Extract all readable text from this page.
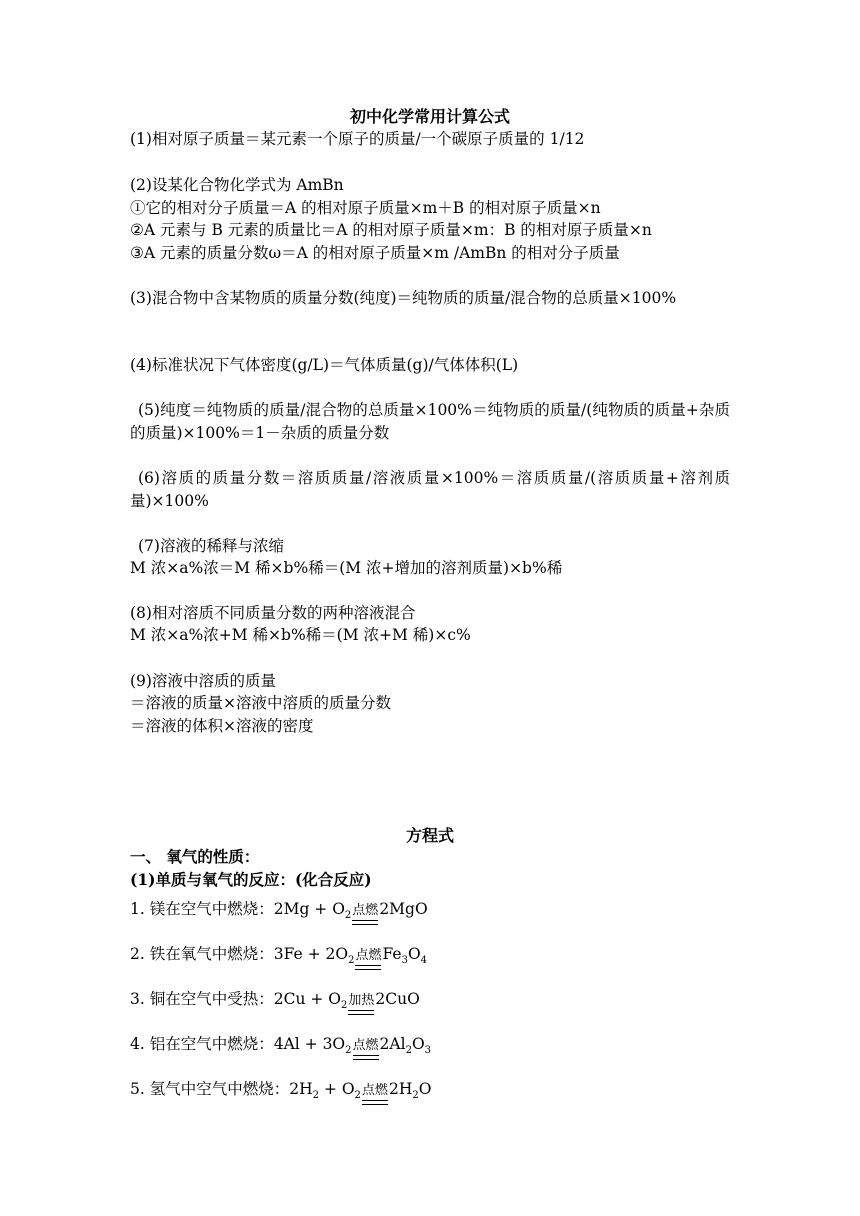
初中化学常用计算公式
(1)相对原子质量＝某元素一个原子的质量/一个碳原子质量的 1/12
(2)设某化合物化学式为 AmBn
①它的相对分子质量＝A 的相对原子质量×m＋B 的相对原子质量×n
②A 元素与 B 元素的质量比＝A 的相对原子质量×m：B 的相对原子质量×n
③A 元素的质量分数ω＝A 的相对原子质量×m /AmBn 的相对分子质量
(3)混合物中含某物质的质量分数(纯度)＝纯物质的质量/混合物的总质量×100%
(4)标准状况下气体密度(g/L)＝气体质量(g)/气体体积(L)
(5)纯度＝纯物质的质量/混合物的总质量×100%＝纯物质的质量/(纯物质的质量+杂质的质量)×100%＝1－杂质的质量分数
(6)溶质的质量分数＝溶质质量/溶液质量×100%＝溶质质量/(溶质质量+溶剂质量)×100%
(7)溶液的稀释与浓缩
M 浓×a%浓＝M 稀×b%稀＝(M 浓+增加的溶剂质量)×b%稀
(8)相对溶质不同质量分数的两种溶液混合
M 浓×a%浓+M 稀×b%稀＝(M 浓+M 稀)×c%
(9)溶液中溶质的质量
＝溶液的质量×溶液中溶质的质量分数
＝溶液的体积×溶液的密度
方程式
一、 氧气的性质：
(1)单质与氧气的反应：(化合反应)
1. 镁在空气中燃烧：$2Mg + O_2$点燃2MgO
2. 铁在氧气中燃烧：$3Fe + 2O_2$点燃$Fe_3O_4$
3. 铜在空气中受热：$2Cu + O_2$加热2CuO
4. 铝在空气中燃烧：$4Al + 3O_2$点燃$2Al_2O_3$
5. 氢气中空气中燃烧：$2H_2 + O_2$点燃$2H_2O$
